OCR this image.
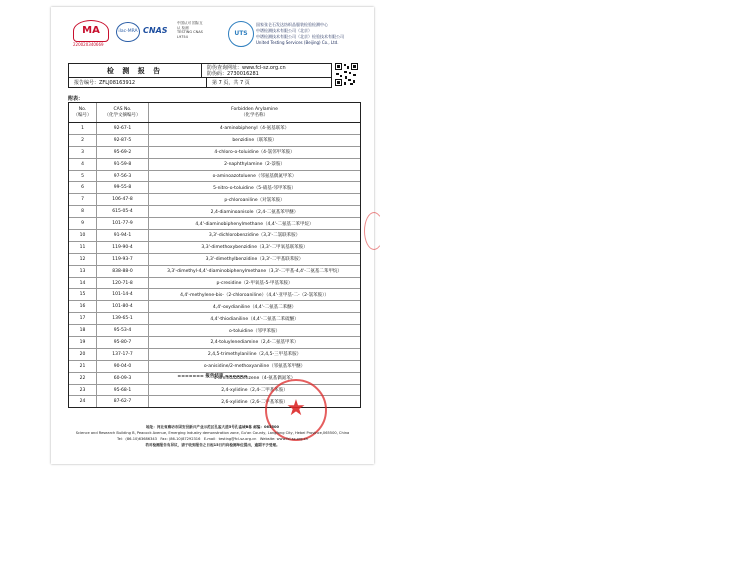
MA
220020340669
ilac-MRA CNAS
中国认可 国际互认 检测 TESTING CNAS L9754	UTS
国家张仑石发达纺织品服装检验检测中心
中谱检测技术有限公司（北京）
中谱检测技术有限公司（北京）检验技术有限公司
United Testing Services (Beijing) Co., Ltd.
检 测 报 告	防伪查询网址：www.fcl-sz.org.cn
防伪码：2730016281
报告编号：ZFLJ08163912	第 7 页，共 7 页
附表：
No.
（编号）
CAS No.
（化学文摘编号）
Forbidden Arylamine
（化学名称）
1	92-67-1	4-aminobiphenyl（4-氨基联苯）
2	92-87-5	benzidine（联苯胺）
3	95-69-2	4-chloro-o-toluidine（4-氯邻甲苯胺）
4	91-59-8	2-naphthylamine（2-萘胺）
5	97-56-3	o-aminoazotoluene（邻氨基偶氮甲苯）
6	99-55-8	5-nitro-o-toluidine（5-硝基-邻甲苯胺）
7	106-47-8	p-chloroaniline（对氯苯胺）
8	615-05-4	2,4-diaminoanisole（2,4-二氨基苯甲醚）
9	101-77-9	4,4'-diaminobiphenylmethane（4,4'-二氨基二苯甲烷）
10	91-94-1	3,3'-dichlorobenzidine（3,3'-二氯联苯胺）
11	119-90-4	3,3'-dimethoxybenzidine（3,3'-二甲氧基联苯胺）
12	119-93-7	3,3'-dimethylbenzidine（3,3'-二甲基联苯胺）
13	838-88-0	3,3'-dimethyl-4,4'-diaminobiphenylmethane（3,3'-二甲基-4,4'-二氨基二苯甲烷）
14	120-71-8	p-cresidine（2-甲氧基-5-甲基苯胺）
15	101-14-4	4,4'-methylene-bis-（2-chloroaniline）（4,4'-亚甲基-二-（2-氯苯胺））
16	101-80-4	4,4'-oxydianiline（4,4'-二氨基二苯醚）
17	139-65-1	4,4'-thiodianiline（4,4'-二氨基二苯硫醚）
18	95-53-4	o-toluidine（邻甲苯胺）
19	95-80-7	2,4-toluylenediamine（2,4-二氨基甲苯）
20	137-17-7	2,4,5-trimethylaniline（2,4,5-三甲基苯胺）
21	90-04-0	o-anisidine/2-methoxyaniline（邻氨基苯甲醚）
22	60-09-3	4-aminoazobenzene（4-氨基偶氮苯）
23	95-68-1	2,4-xylidine（2,4-二甲基苯胺）
24	87-62-7	2,6-xylidine（2,6-二甲基苯胺）
======= 报告结束 ======
★
地址：河北省廊坊市固安县新兴产业示范区孔雀大道5号孔雀城B栋 邮编：065500
Science and Research Building B, Peacock Avenue, Emerging Industry demonstration zone, Gu'an County, Langfang City, Hebei Province,065500, China
Tel：(86-10)63686343 Fax: (86-10)87292316 E-mail：testing@fcl-sz.org.cn Website: www.fcl-sz.org.cn
若对检测报告有异议，请于收到报告之日起15日内向检测单位提出，逾期不予受理。
